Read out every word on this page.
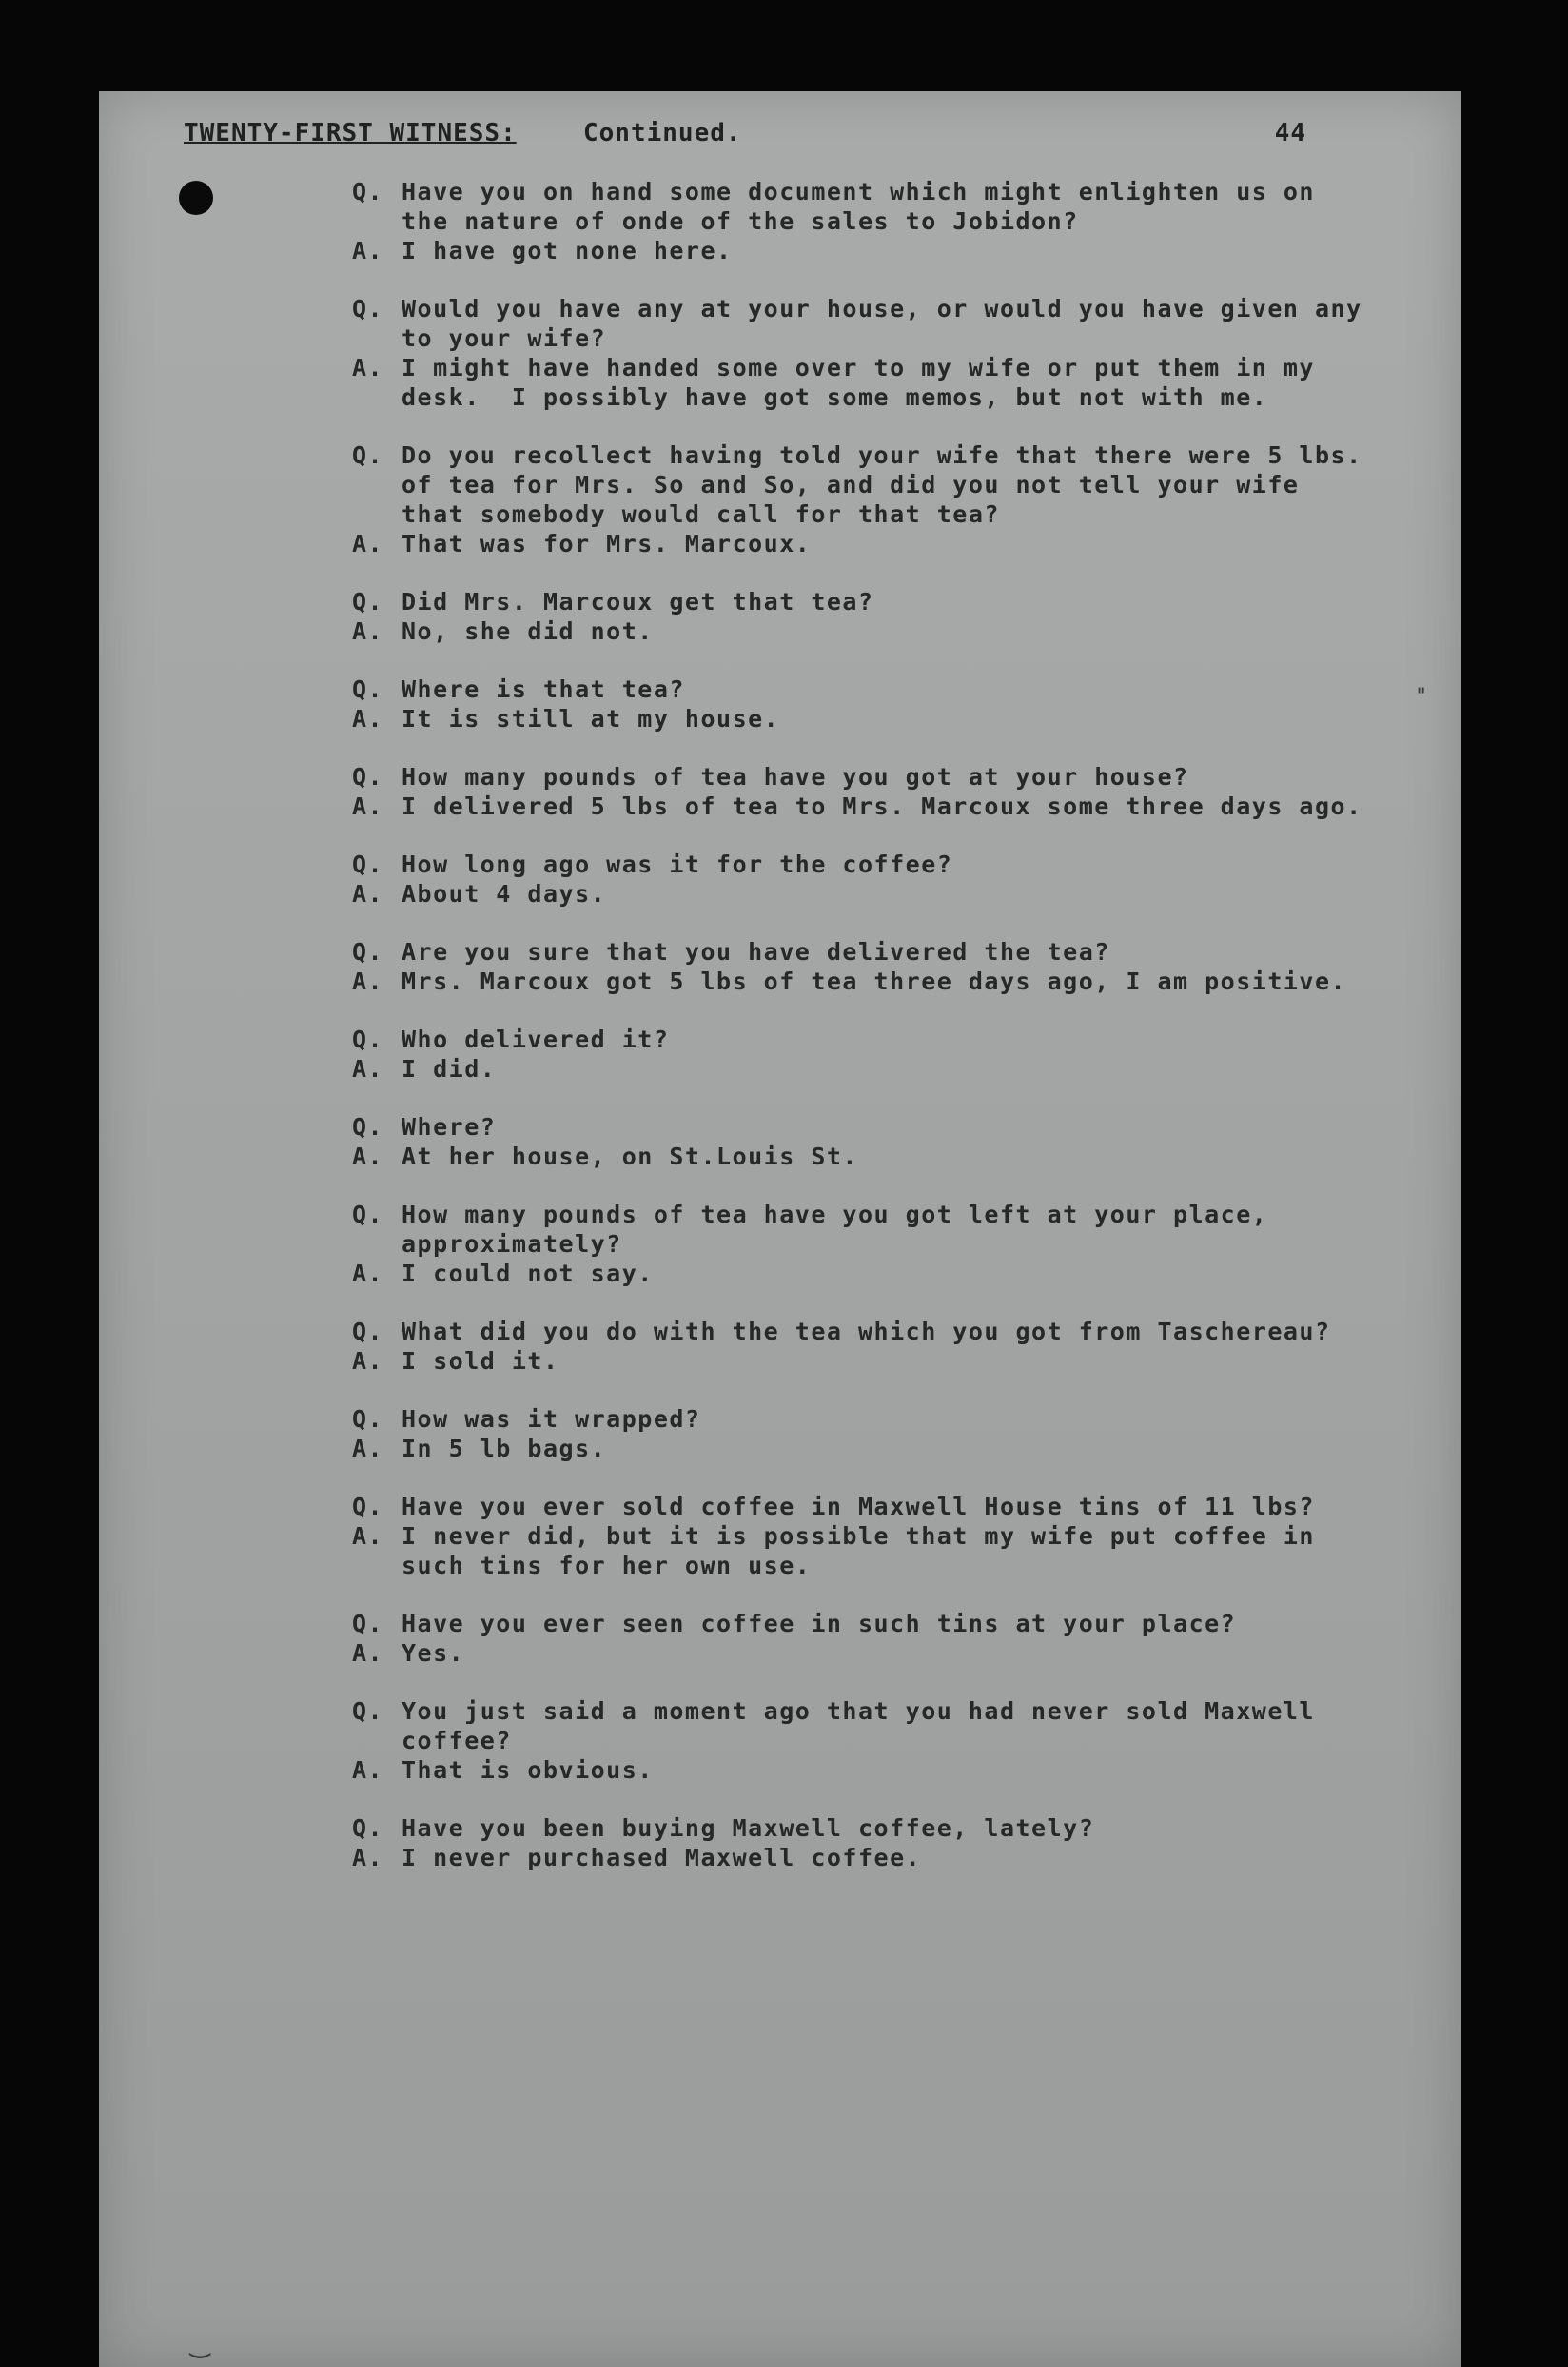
TWENTY-FIRST WITNESS:	Continued.	44
Q. Have you on hand some document which might enlighten us on the nature of onde of the sales to Jobidon?
A. I have got none here.
Q. Would you have any at your house, or would you have given any to your wife?
A. I might have handed some over to my wife or put them in my desk.  I possibly have got some memos, but not with me.
Q. Do you recollect having told your wife that there were 5 lbs. of tea for Mrs. So and So, and did you not tell your wife that somebody would call for that tea?
A. That was for Mrs. Marcoux.
Q. Did Mrs. Marcoux get that tea?
A. No, she did not.
Q. Where is that tea?
A. It is still at my house.
Q. How many pounds of tea have you got at your house?
A. I delivered 5 lbs of tea to Mrs. Marcoux some three days ago.
Q. How long ago was it for the coffee?
A. About 4 days.
Q. Are you sure that you have delivered the tea?
A. Mrs. Marcoux got 5 lbs of tea three days ago, I am positive.
Q. Who delivered it?
A. I did.
Q. Where?
A. At her house, on St.Louis St.
Q. How many pounds of tea have you got left at your place, approximately?
A. I could not say.
Q. What did you do with the tea which you got from Taschereau?
A. I sold it.
Q. How was it wrapped?
A. In 5 lb bags.
Q. Have you ever sold coffee in Maxwell House tins of 11 lbs?
A. I never did, but it is possible that my wife put coffee in such tins for her own use.
Q. Have you ever seen coffee in such tins at your place?
A. Yes.
Q. You just said a moment ago that you had never sold Maxwell coffee?
A. That is obvious.
Q. Have you been buying Maxwell coffee, lately?
A. I never purchased Maxwell coffee.
"
‿
